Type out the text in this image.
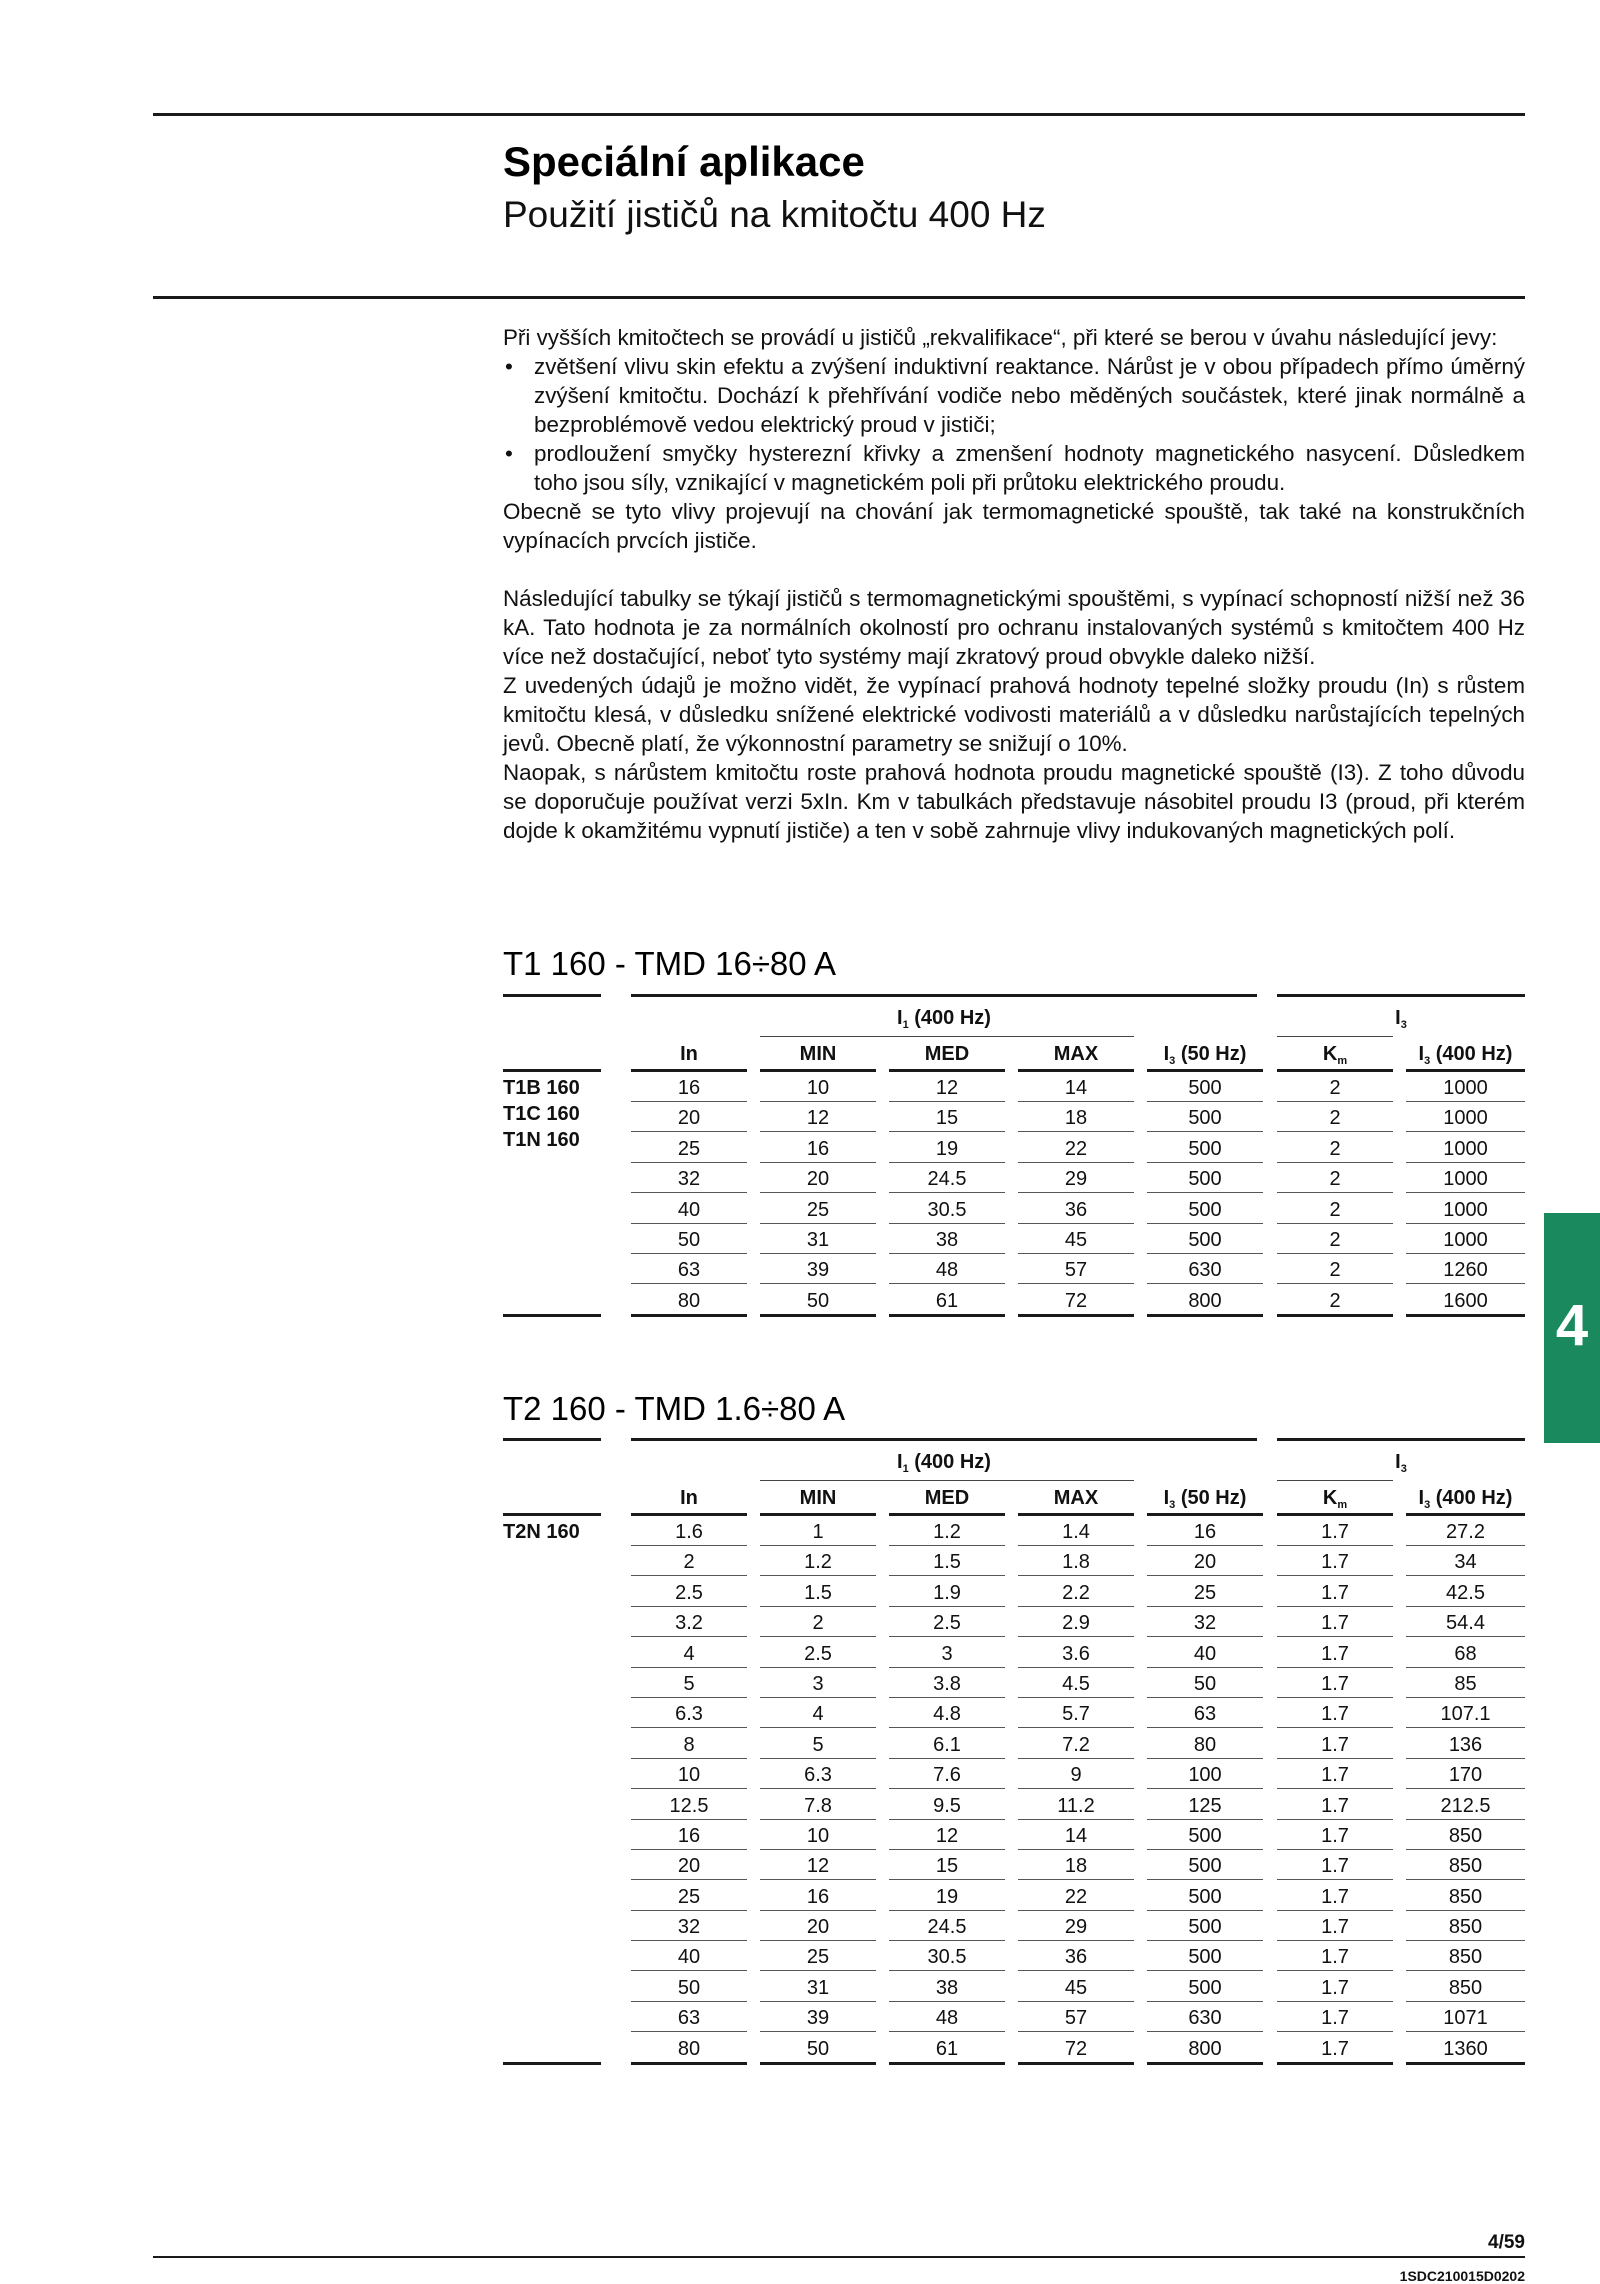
Speciální aplikace
Použití jističů na kmitočtu 400 Hz

Při vyšších kmitočtech se provádí u jističů „rekvalifikace“, při které se berou v úvahu následující jevy:

• zvětšení vlivu skin efektu a zvýšení induktivní reaktance. Nárůst je v obou případech přímo úměrný zvýšení kmitočtu. Dochází k přehřívání vodiče nebo měděných součástek, které jinak normálně a bezproblémově vedou elektrický proud v jističi;
• prodloužení smyčky hysterezní křivky a zmenšení hodnoty magnetického nasycení. Důsledkem toho jsou síly, vznikající v magnetickém poli při průtoku elektrického proudu.

Obecně se tyto vlivy projevují na chování jak termomagnetické spouště, tak také na konstrukčních vypínacích prvcích jističe.

Následující tabulky se týkají jističů s termomagnetickými spouštěmi, s vypínací schopností nižší než 36 kA. Tato hodnota je za normálních okolností pro ochranu instalovaných systémů s kmitočtem 400 Hz více než dostačující, neboť tyto systémy mají zkratový proud obvykle daleko nižší.

Z uvedených údajů je možno vidět, že vypínací prahová hodnoty tepelné složky proudu (In) s růstem kmitočtu klesá, v důsledku snížené elektrické vodivosti materiálů a v důsledku narůstajících tepelných jevů. Obecně platí, že výkonnostní parametry se snižují o 10%.

Naopak, s nárůstem kmitočtu roste prahová hodnota proudu magnetické spouště (I3). Z toho důvodu se doporučuje používat verzi 5xIn. Km v tabulkách představuje násobitel proudu I3 (proud, při kterém dojde k okamžitému vypnutí jističe) a ten v sobě zahrnuje vlivy indukovaných magnetických polí.

4
T1 160 - TMD 16÷80 A
$I_1$ (400 Hz)	$I_3$
In	MIN	MED	MAX	$I_3$ (50 Hz)	$K_m$	$I_3$ (400 Hz)
T1B 160
T1C 160
T1N 160
16	10	12	14	500	2	1000
20	12	15	18	500	2	1000
25	16	19	22	500	2	1000
32	20	24.5	29	500	2	1000
40	25	30.5	36	500	2	1000
50	31	38	45	500	2	1000
63	39	48	57	630	2	1260
80	50	61	72	800	2	1600
T2 160 - TMD 1.6÷80 A
$I_1$ (400 Hz)	$I_3$
In	MIN	MED	MAX	$I_3$ (50 Hz)	$K_m$	$I_3$ (400 Hz)
T2N 160	1.6	1	1.2	1.4	16	1.7	27.2
2	1.2	1.5	1.8	20	1.7	34
2.5	1.5	1.9	2.2	25	1.7	42.5
3.2	2	2.5	2.9	32	1.7	54.4
4	2.5	3	3.6	40	1.7	68
5	3	3.8	4.5	50	1.7	85
6.3	4	4.8	5.7	63	1.7	107.1
8	5	6.1	7.2	80	1.7	136
10	6.3	7.6	9	100	1.7	170
12.5	7.8	9.5	11.2	125	1.7	212.5
16	10	12	14	500	1.7	850
20	12	15	18	500	1.7	850
25	16	19	22	500	1.7	850
32	20	24.5	29	500	1.7	850
40	25	30.5	36	500	1.7	850
50	31	38	45	500	1.7	850
63	39	48	57	630	1.7	1071
80	50	61	72	800	1.7	1360
4/59
1SDC210015D0202
